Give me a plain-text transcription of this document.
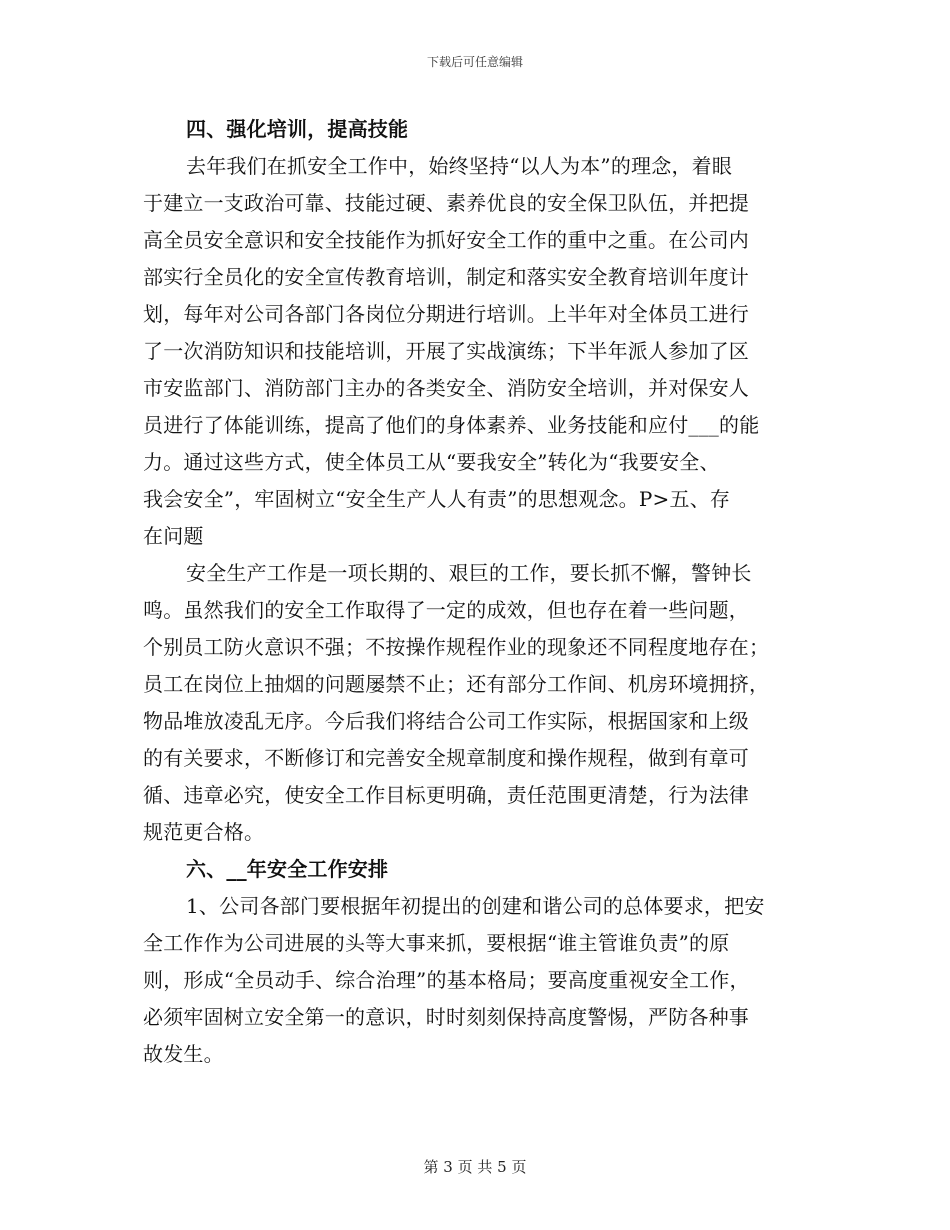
下载后可任意编辑
四、强化培训，提高技能
去年我们在抓安全工作中，始终坚持“以人为本”的理念，着眼
于建立一支政治可靠、技能过硬、素养优良的安全保卫队伍，并把提
高全员安全意识和安全技能作为抓好安全工作的重中之重。在公司内
部实行全员化的安全宣传教育培训，制定和落实安全教育培训年度计
划，每年对公司各部门各岗位分期进行培训。上半年对全体员工进行
了一次消防知识和技能培训，开展了实战演练；下半年派人参加了区
市安监部门、消防部门主办的各类安全、消防安全培训，并对保安人
员进行了体能训练，提高了他们的身体素养、业务技能和应付___的能
力。通过这些方式，使全体员工从“要我安全”转化为“我要安全、
我会安全”，牢固树立“安全生产人人有责”的思想观念。P>五、存
在问题
安全生产工作是一项长期的、艰巨的工作，要长抓不懈，警钟长
鸣。虽然我们的安全工作取得了一定的成效，但也存在着一些问题，
个别员工防火意识不强；不按操作规程作业的现象还不同程度地存在；
员工在岗位上抽烟的问题屡禁不止；还有部分工作间、机房环境拥挤，
物品堆放凌乱无序。今后我们将结合公司工作实际，根据国家和上级
的有关要求，不断修订和完善安全规章制度和操作规程，做到有章可
循、违章必究，使安全工作目标更明确，责任范围更清楚，行为法律
规范更合格。
六、__年安全工作安排
1、公司各部门要根据年初提出的创建和谐公司的总体要求，把安
全工作作为公司进展的头等大事来抓，要根据“谁主管谁负责”的原
则，形成“全员动手、综合治理”的基本格局；要高度重视安全工作，
必须牢固树立安全第一的意识，时时刻刻保持高度警惕，严防各种事
故发生。
第 3 页 共 5 页
